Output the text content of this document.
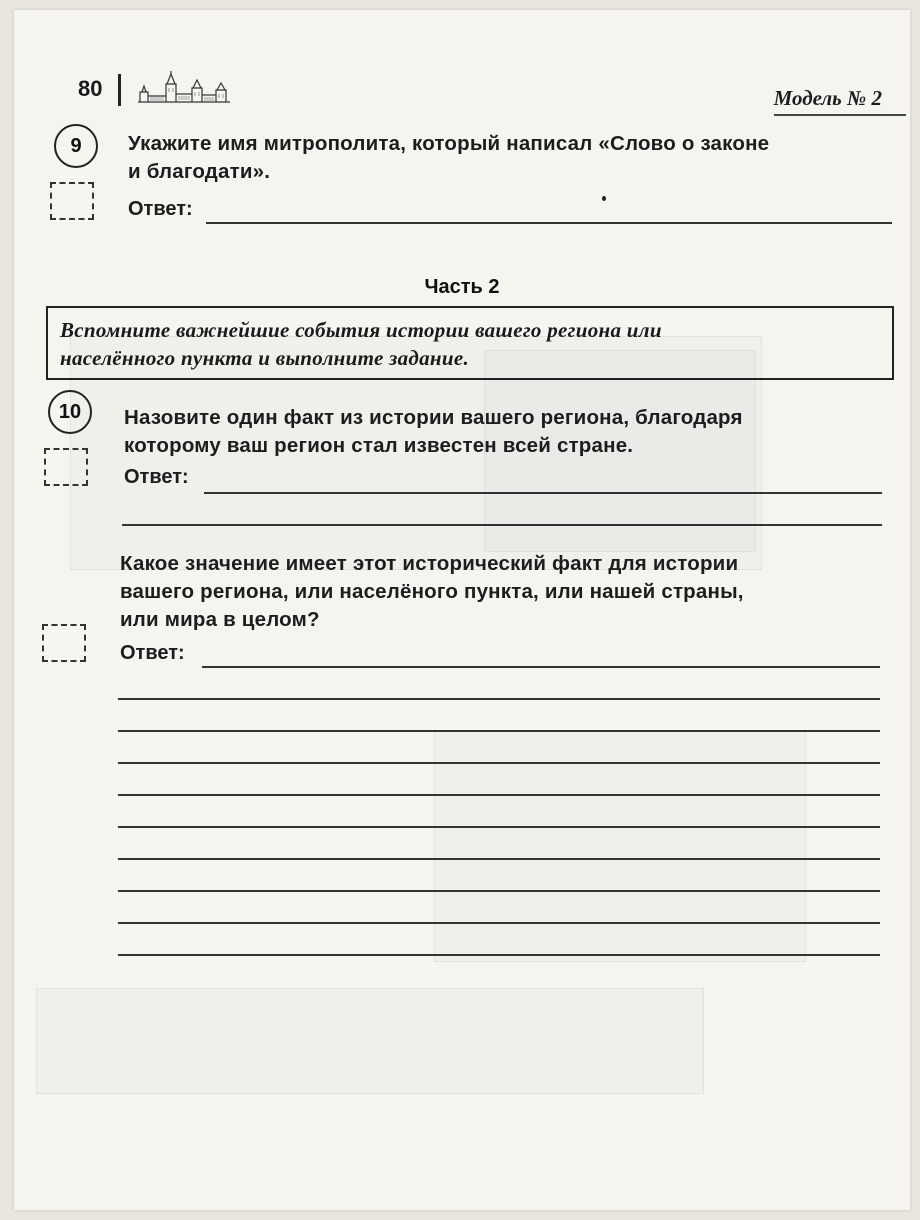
80	Модель № 2
9	Укажите имя митрополита, который написал «Слово о законе
и благодати».
Ответ:
Часть 2
Вспомните важнейшие события истории вашего региона или
населённого пункта и выполните задание.
10	Назовите один факт из истории вашего региона, благодаря
которому ваш регион стал известен всей стране.
Ответ:
Какое значение имеет этот исторический факт для истории
вашего региона, или населёного пункта, или нашей страны,
или мира в целом?
Ответ:
